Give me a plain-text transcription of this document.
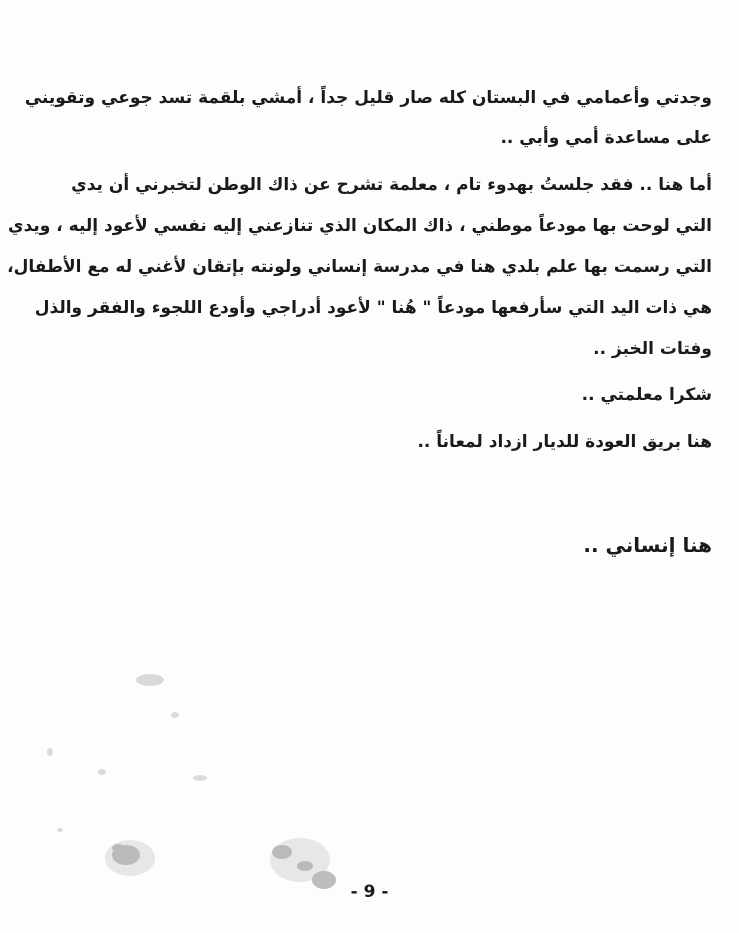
وجدتي وأعمامي في البستان كله صار قليل جداً ، أمشي بلقمة تسد جوعي وتقويني
على مساعدة أمي وأبي ..

أما هنا .. فقد جلستُ بهدوء تام ، معلمة تشرح عن ذاك الوطن لتخبرني أن يدي
التي لوحت بها مودعاً موطني ، ذاك المكان الذي تنازعني إليه نفسي لأعود إليه ، ويدي
التي رسمت بها علم بلدي هنا في مدرسة إنساني ولونته بإتقان لأغني له مع الأطفال،
هي ذات اليد التي سأرفعها مودعاً " هُنا " لأعود أدراجي وأودع اللجوء والفقر والذل
وفتات الخبز ..

شكرا معلمتي ..

هنا بريق العودة للديار ازداد لمعاناً ..

هنا إنساني ..
- 9 -
